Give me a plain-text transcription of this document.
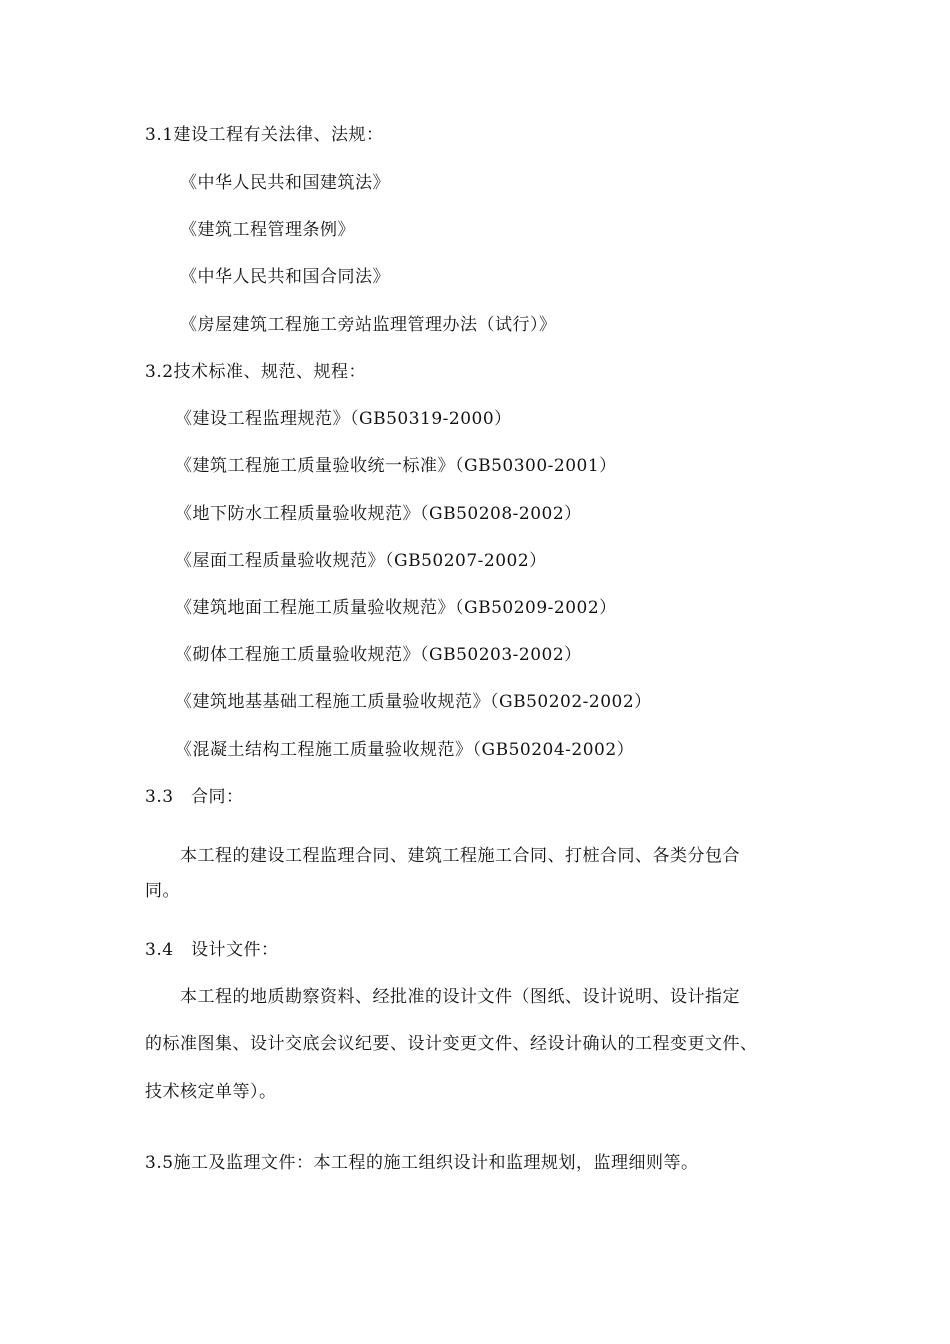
3.1建设工程有关法律、法规：
《中华人民共和国建筑法》
《建筑工程管理条例》
《中华人民共和国合同法》
《房屋建筑工程施工旁站监理管理办法（试行）》
3.2技术标准、规范、规程：
《建设工程监理规范》（GB50319-2000）
《建筑工程施工质量验收统一标准》（GB50300-2001）
《地下防水工程质量验收规范》（GB50208-2002）
《屋面工程质量验收规范》（GB50207-2002）
《建筑地面工程施工质量验收规范》（GB50209-2002）
《砌体工程施工质量验收规范》（GB50203-2002）
《建筑地基基础工程施工质量验收规范》（GB50202-2002）
《混凝土结构工程施工质量验收规范》（GB50204-2002）
3.3　合同：
本工程的建设工程监理合同、建筑工程施工合同、打桩合同、各类分包合
同。
3.4　设计文件：
本工程的地质勘察资料、经批准的设计文件（图纸、设计说明、设计指定
的标准图集、设计交底会议纪要、设计变更文件、经设计确认的工程变更文件、
技术核定单等）。
3.5施工及监理文件：本工程的施工组织设计和监理规划，监理细则等。
